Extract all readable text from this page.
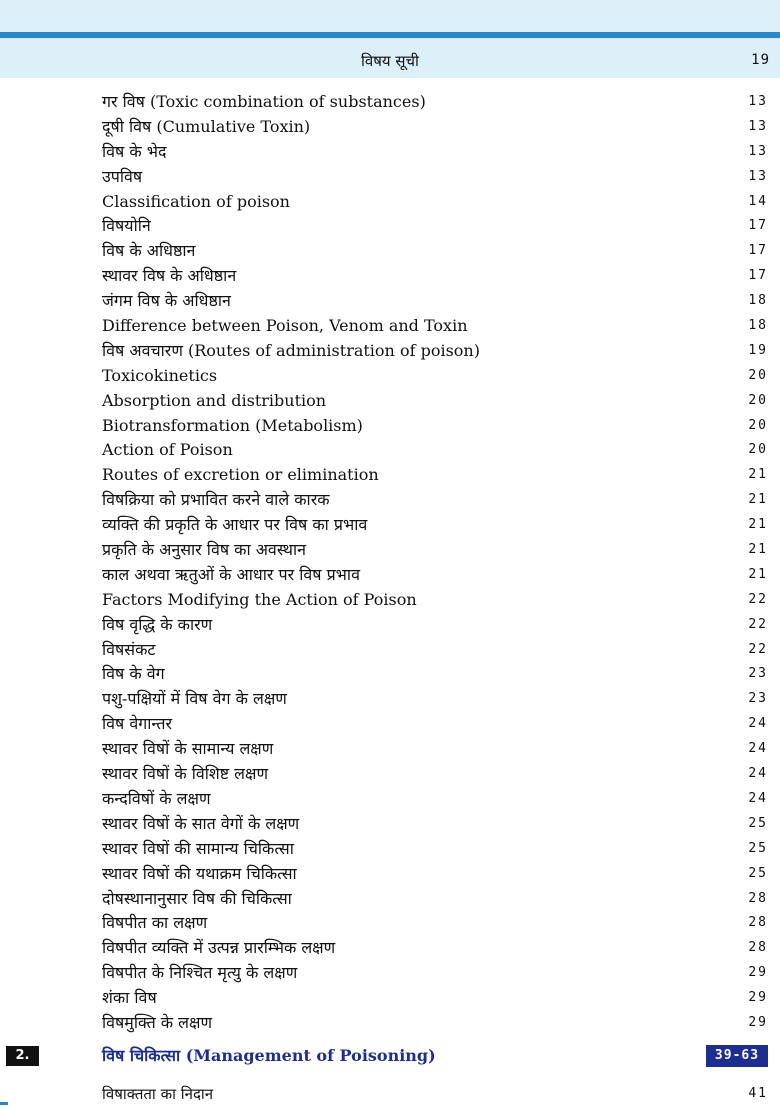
विषय सूची	19
गर विष (Toxic combination of substances)	13
दूषी विष (Cumulative Toxin)	13
विष के भेद	13
उपविष	13
Classification of poison	14
विषयोनि	17
विष के अधिष्ठान	17
स्थावर विष के अधिष्ठान	17
जंगम विष के अधिष्ठान	18
Difference between Poison, Venom and Toxin	18
विष अवचारण (Routes of administration of poison)	19
Toxicokinetics	20
Absorption and distribution	20
Biotransformation (Metabolism)	20
Action of Poison	20
Routes of excretion or elimination	21
विषक्रिया को प्रभावित करने वाले कारक	21
व्यक्ति की प्रकृति के आधार पर विष का प्रभाव	21
प्रकृति के अनुसार विष का अवस्थान	21
काल अथवा ऋतुओं के आधार पर विष प्रभाव	21
Factors Modifying the Action of Poison	22
विष वृद्धि के कारण	22
विषसंकट	22
विष के वेग	23
पशु-पक्षियों में विष वेग के लक्षण	23
विष वेगान्तर	24
स्थावर विषों के सामान्य लक्षण	24
स्थावर विषों के विशिष्ट लक्षण	24
कन्दविषों के लक्षण	24
स्थावर विषों के सात वेगों के लक्षण	25
स्थावर विषों की सामान्य चिकित्सा	25
स्थावर विषों की यथाक्रम चिकित्सा	25
दोषस्थानानुसार विष की चिकित्सा	28
विषपीत का लक्षण	28
विषपीत व्यक्ति में उत्पन्न प्रारम्भिक लक्षण	28
विषपीत के निश्चित मृत्यु के लक्षण	29
शंका विष	29
विषमुक्ति के लक्षण	29
2.	विष चिकित्सा (Management of Poisoning)	39-63
विषाक्तता का निदान	41
